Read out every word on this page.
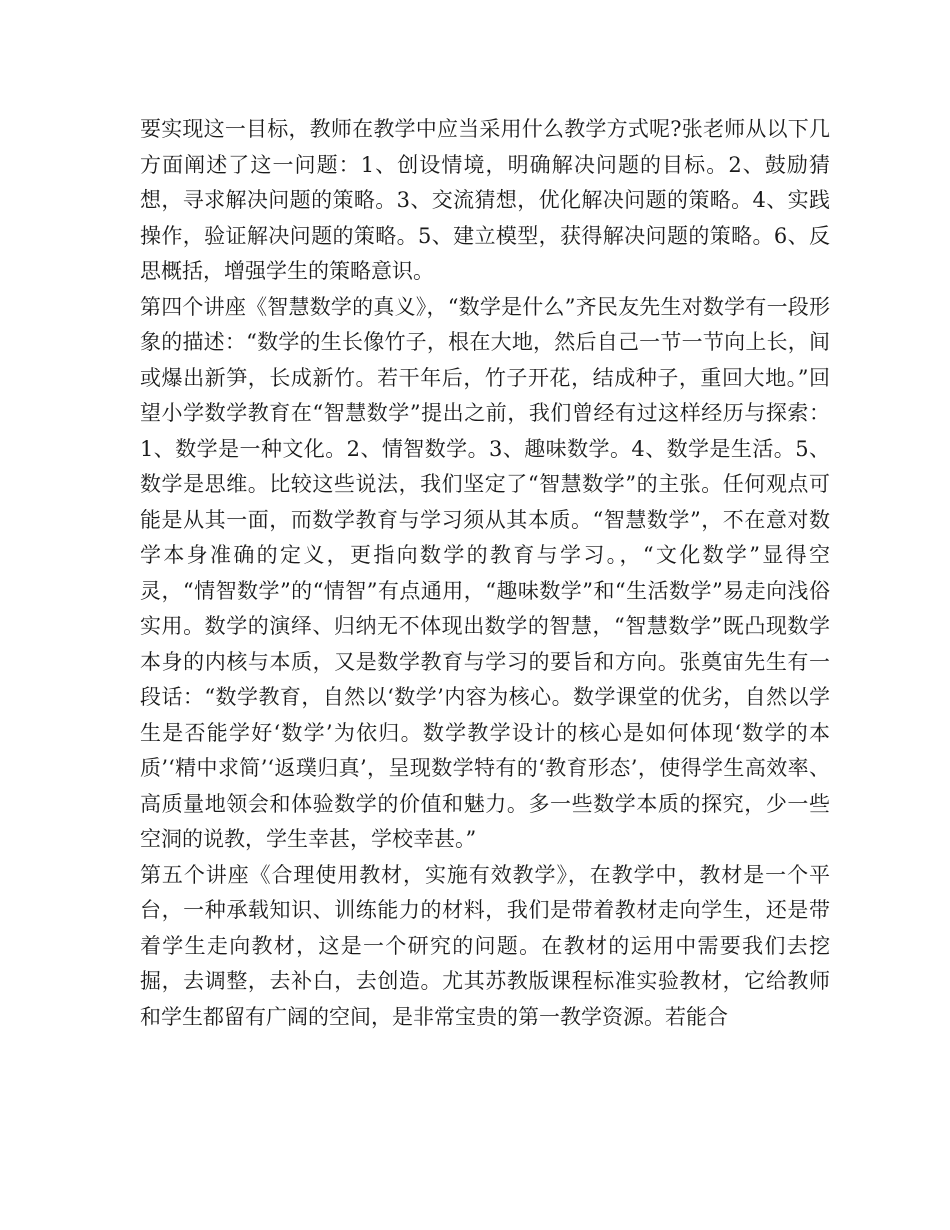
要实现这一目标，教师在教学中应当采用什么教学方式呢?张老师从以下几方面阐述了这一问题：1、创设情境，明确解决问题的目标。2、鼓励猜想，寻求解决问题的策略。3、交流猜想，优化解决问题的策略。4、实践操作，验证解决问题的策略。5、建立模型，获得解决问题的策略。6、反思概括，增强学生的策略意识。

第四个讲座《智慧数学的真义》，“数学是什么”齐民友先生对数学有一段形象的描述：“数学的生长像竹子，根在大地，然后自己一节一节向上长，间或爆出新笋，长成新竹。若干年后，竹子开花，结成种子，重回大地。”回望小学数学教育在“智慧数学”提出之前，我们曾经有过这样经历与探索：1、数学是一种文化。2、情智数学。3、趣味数学。4、数学是生活。5、数学是思维。比较这些说法，我们坚定了“智慧数学”的主张。任何观点可能是从其一面，而数学教育与学习须从其本质。“智慧数学”，不在意对数学本身准确的定义，更指向数学的教育与学习。，“文化数学”显得空灵，“情智数学”的“情智”有点通用，“趣味数学”和“生活数学”易走向浅俗实用。数学的演绎、归纳无不体现出数学的智慧，“智慧数学”既凸现数学本身的内核与本质，又是数学教育与学习的要旨和方向。张奠宙先生有一段话：“数学教育，自然以‘数学’内容为核心。数学课堂的优劣，自然以学生是否能学好‘数学’为依归。数学教学设计的核心是如何体现‘数学的本质’‘精中求简’‘返璞归真’，呈现数学特有的‘教育形态’，使得学生高效率、高质量地领会和体验数学的价值和魅力。多一些数学本质的探究，少一些空洞的说教，学生幸甚，学校幸甚。”

第五个讲座《合理使用教材，实施有效教学》，在教学中，教材是一个平台，一种承载知识、训练能力的材料，我们是带着教材走向学生，还是带着学生走向教材，这是一个研究的问题。在教材的运用中需要我们去挖掘，去调整，去补白，去创造。尤其苏教版课程标准实验教材，它给教师和学生都留有广阔的空间，是非常宝贵的第一教学资源。若能合
